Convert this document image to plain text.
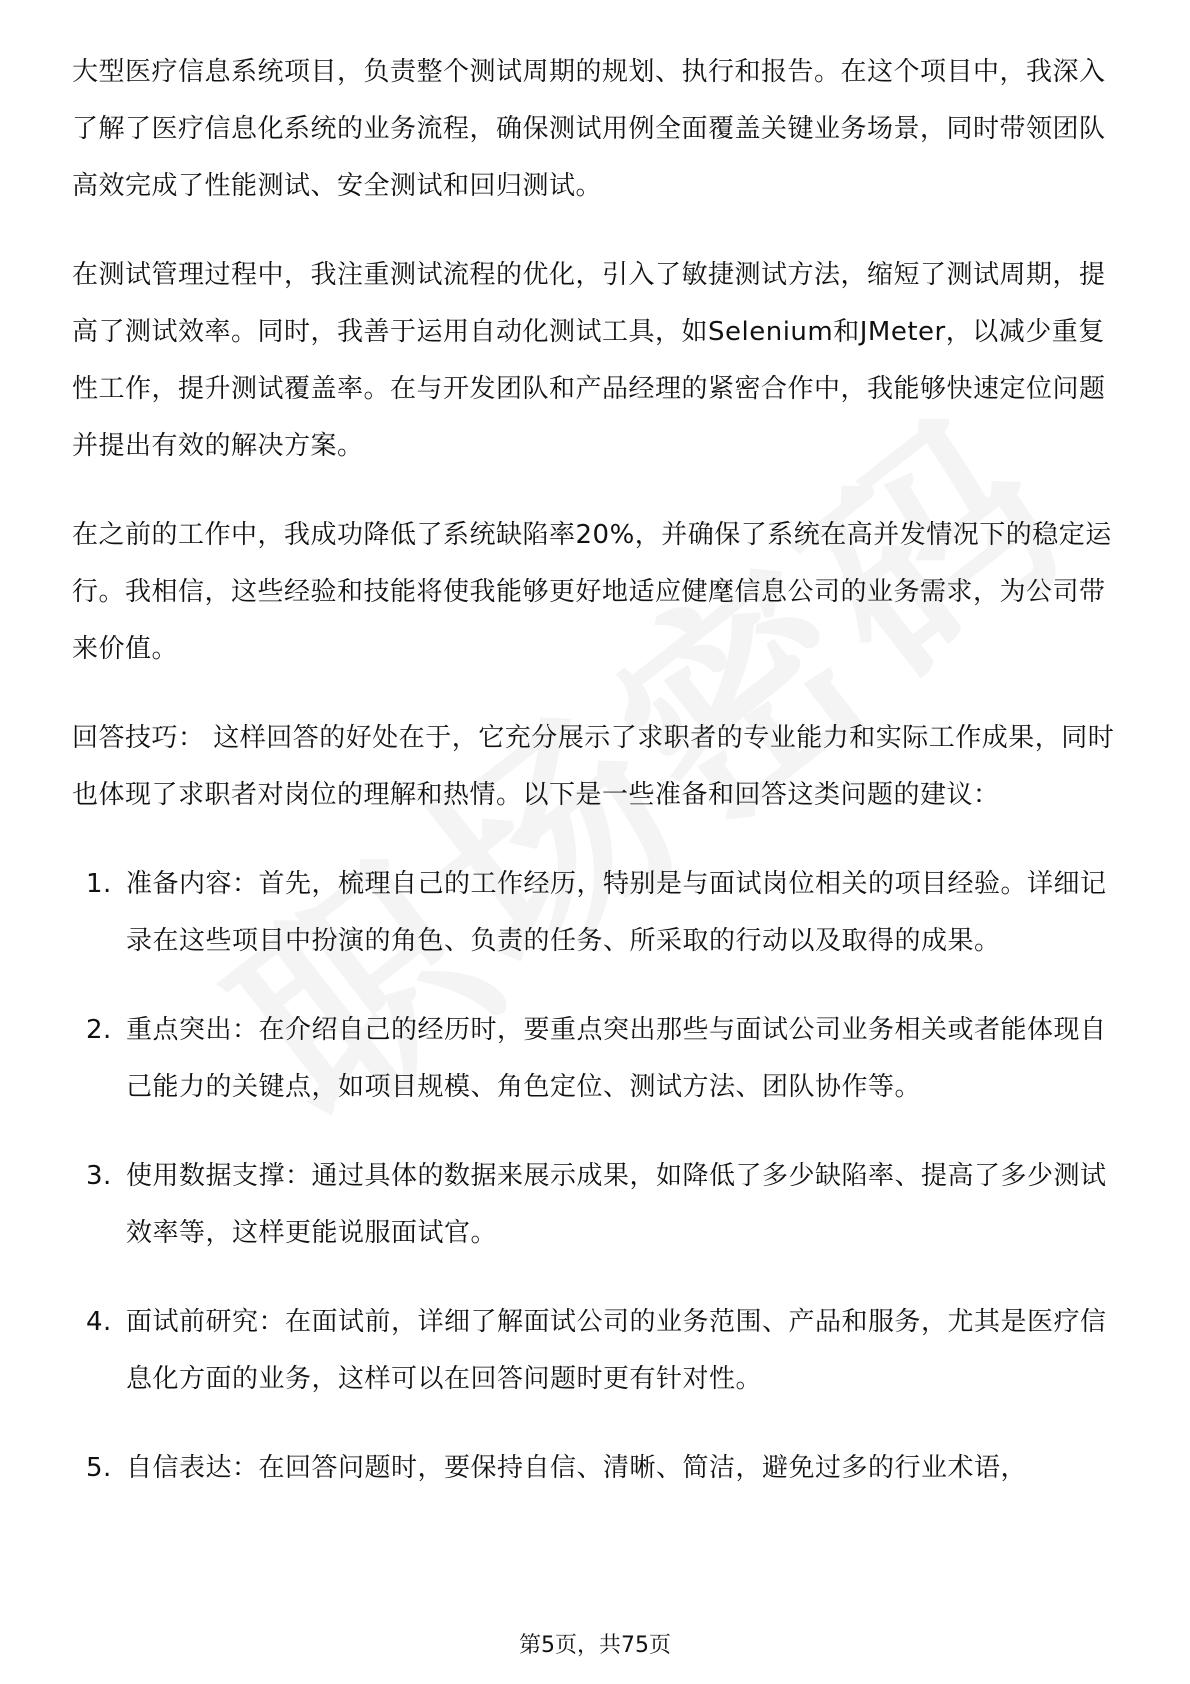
大型医疗信息系统项目，负责整个测试周期的规划、执行和报告。在这个项目中，我深入了解了医疗信息化系统的业务流程，确保测试用例全面覆盖关键业务场景，同时带领团队高效完成了性能测试、安全测试和回归测试。

在测试管理过程中，我注重测试流程的优化，引入了敏捷测试方法，缩短了测试周期，提高了测试效率。同时，我善于运用自动化测试工具，如Selenium和JMeter，以减少重复性工作，提升测试覆盖率。在与开发团队和产品经理的紧密合作中，我能够快速定位问题并提出有效的解决方案。

在之前的工作中，我成功降低了系统缺陷率20%，并确保了系统在高并发情况下的稳定运行。我相信，这些经验和技能将使我能够更好地适应健麾信息公司的业务需求，为公司带来价值。

回答技巧： 这样回答的好处在于，它充分展示了求职者的专业能力和实际工作成果，同时也体现了求职者对岗位的理解和热情。以下是一些准备和回答这类问题的建议：

1. 准备内容：首先，梳理自己的工作经历，特别是与面试岗位相关的项目经验。详细记录在这些项目中扮演的角色、负责的任务、所采取的行动以及取得的成果。
2. 重点突出：在介绍自己的经历时，要重点突出那些与面试公司业务相关或者能体现自己能力的关键点，如项目规模、角色定位、测试方法、团队协作等。
3. 使用数据支撑：通过具体的数据来展示成果，如降低了多少缺陷率、提高了多少测试效率等，这样更能说服面试官。
4. 面试前研究：在面试前，详细了解面试公司的业务范围、产品和服务，尤其是医疗信息化方面的业务，这样可以在回答问题时更有针对性。
5. 自信表达：在回答问题时，要保持自信、清晰、简洁，避免过多的行业术语，
第5页，共75页
